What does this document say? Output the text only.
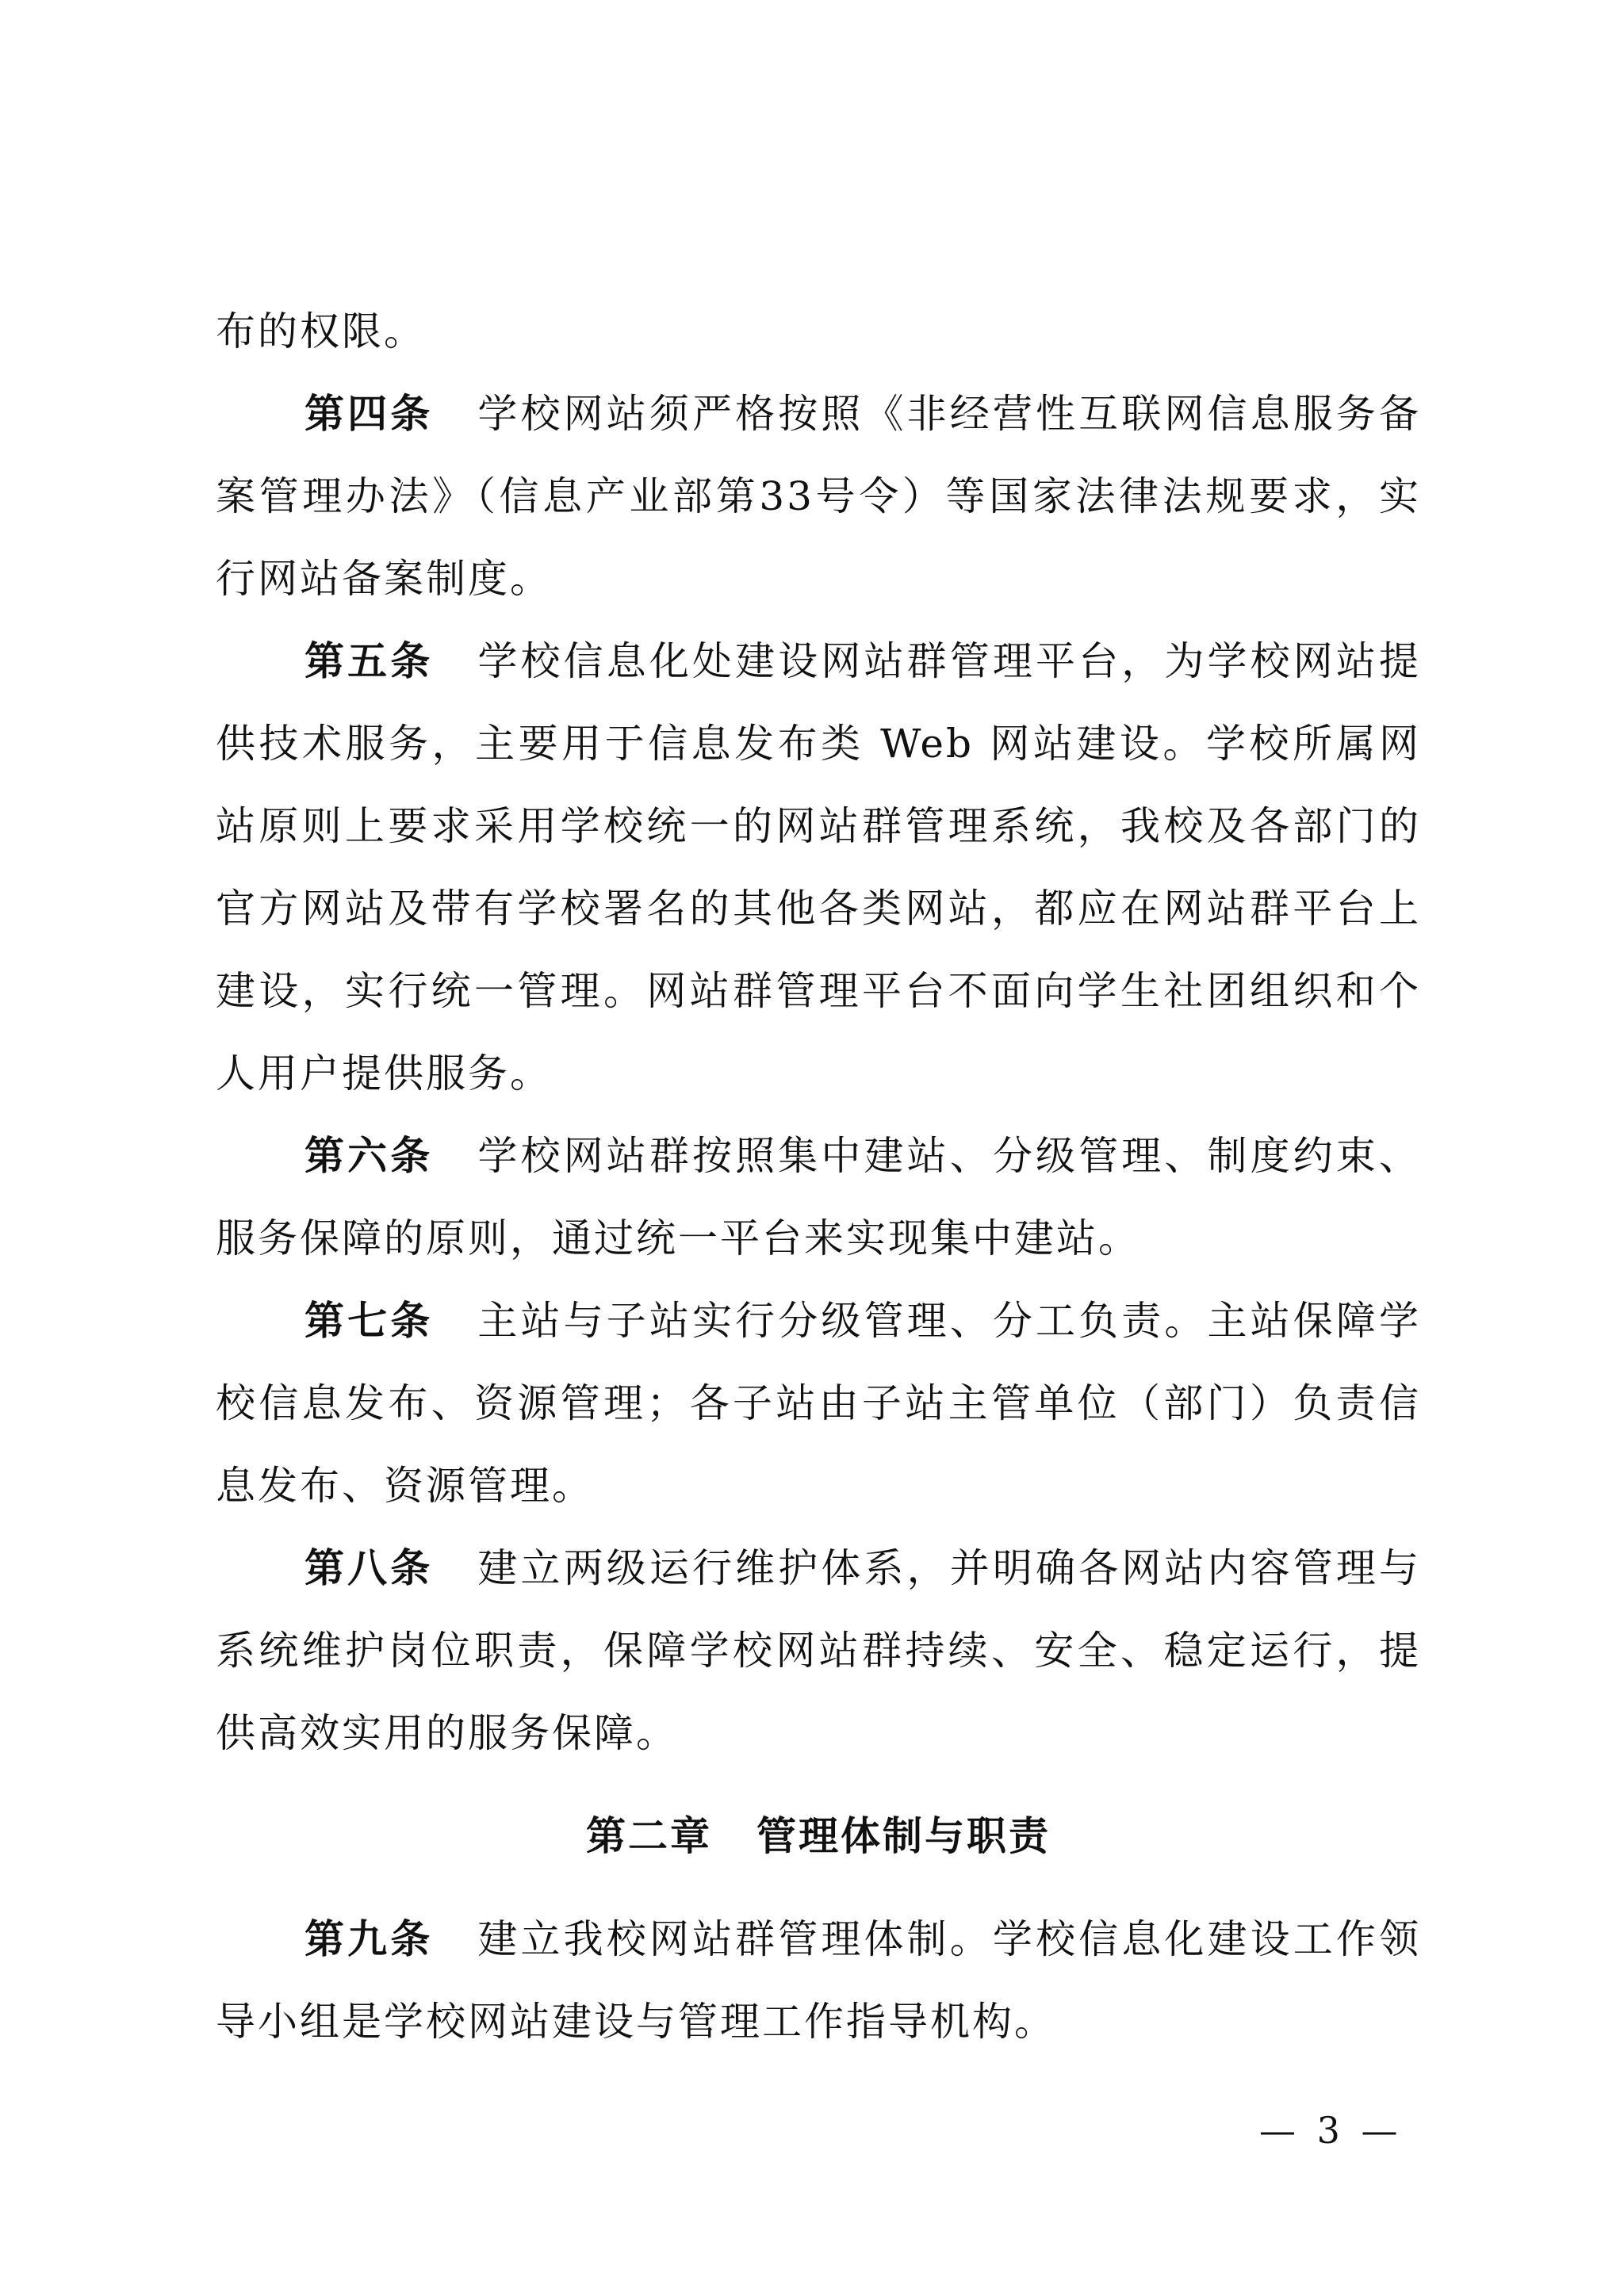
布的权限。

第四条 学校网站须严格按照《非经营性互联网信息服务备案管理办法》（信息产业部第33号令）等国家法律法规要求，实行网站备案制度。

第五条 学校信息化处建设网站群管理平台，为学校网站提供技术服务，主要用于信息发布类 Web 网站建设。学校所属网站原则上要求采用学校统一的网站群管理系统，我校及各部门的官方网站及带有学校署名的其他各类网站，都应在网站群平台上建设，实行统一管理。网站群管理平台不面向学生社团组织和个人用户提供服务。

第六条 学校网站群按照集中建站、分级管理、制度约束、服务保障的原则，通过统一平台来实现集中建站。

第七条 主站与子站实行分级管理、分工负责。主站保障学校信息发布、资源管理；各子站由子站主管单位（部门）负责信息发布、资源管理。

第八条 建立两级运行维护体系，并明确各网站内容管理与系统维护岗位职责，保障学校网站群持续、安全、稳定运行，提供高效实用的服务保障。

第二章 管理体制与职责

第九条 建立我校网站群管理体制。学校信息化建设工作领导小组是学校网站建设与管理工作指导机构。

— 3 —
